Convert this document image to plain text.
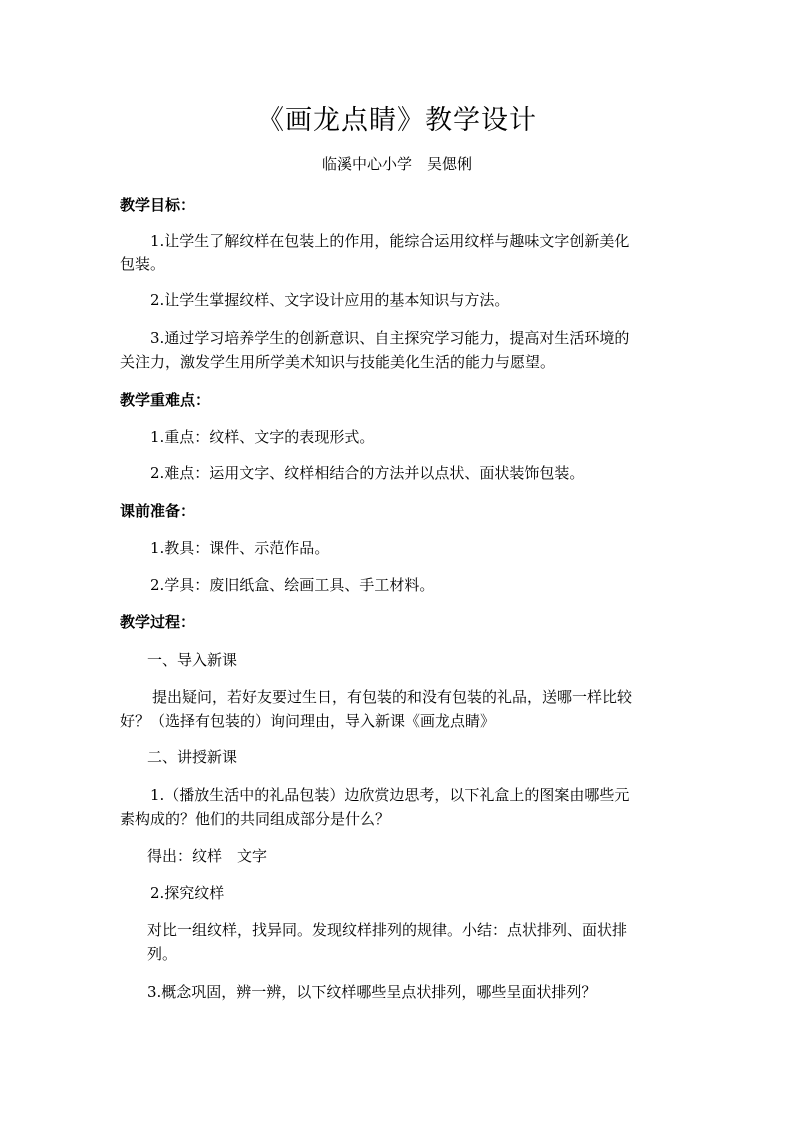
《画龙点睛》教学设计
临溪中心小学　吴偲俐
教学目标：
1.让学生了解纹样在包装上的作用，能综合运用纹样与趣味文字创新美化
包装。
2.让学生掌握纹样、文字设计应用的基本知识与方法。
3.通过学习培养学生的创新意识、自主探究学习能力，提高对生活环境的
关注力，激发学生用所学美术知识与技能美化生活的能力与愿望。
教学重难点：
1.重点：纹样、文字的表现形式。
2.难点：运用文字、纹样相结合的方法并以点状、面状装饰包装。
课前准备：
1.教具：课件、示范作品。
2.学具：废旧纸盒、绘画工具、手工材料。
教学过程：
一、导入新课
提出疑问，若好友要过生日，有包装的和没有包装的礼品，送哪一样比较
好？（选择有包装的）询问理由，导入新课《画龙点睛》
二、讲授新课
1.（播放生活中的礼品包装）边欣赏边思考，以下礼盒上的图案由哪些元
素构成的？他们的共同组成部分是什么？
得出：纹样　文字
2.探究纹样
对比一组纹样，找异同。发现纹样排列的规律。小结：点状排列、面状排
列。
3.概念巩固，辨一辨，以下纹样哪些呈点状排列，哪些呈面状排列？
